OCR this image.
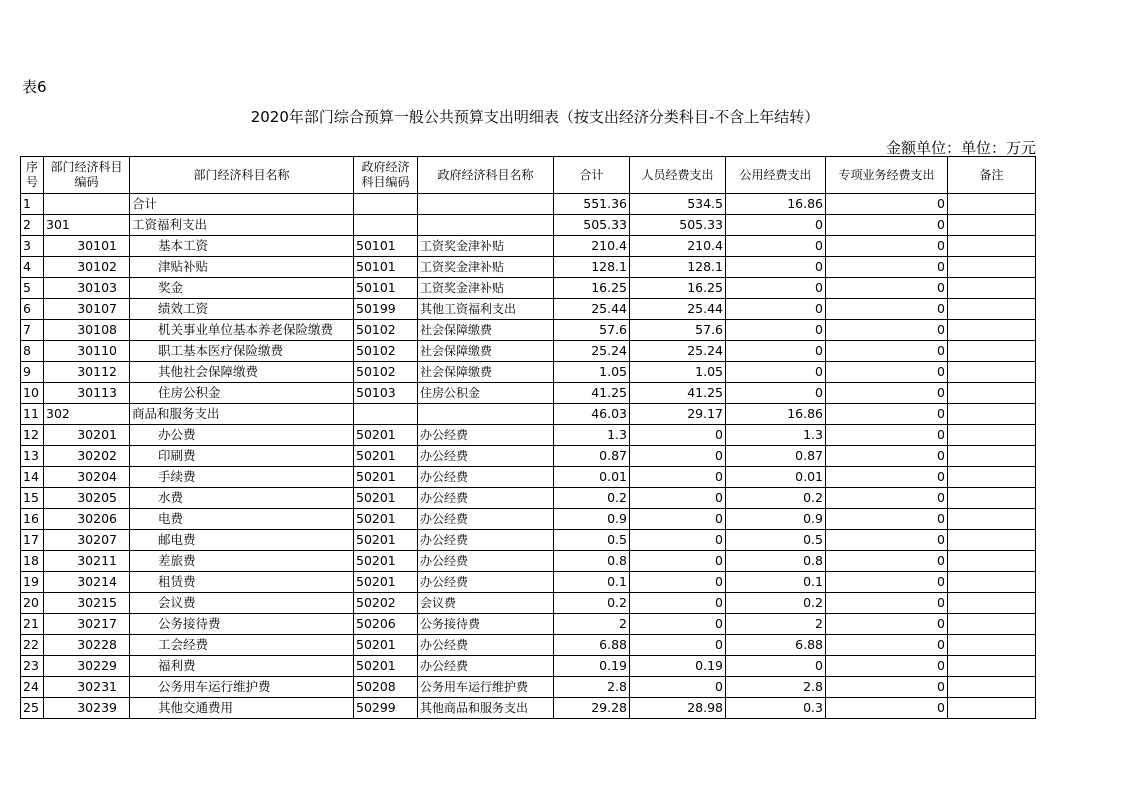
表6
2020年部门综合预算一般公共预算支出明细表（按支出经济分类科目-不含上年结转）
金额单位：单位：万元
序号	部门经济科目编码	部门经济科目名称	政府经济科目编码	政府经济科目名称	合计	人员经费支出	公用经费支出	专项业务经费支出	备注
1		合计			551.36	534.5	16.86	0	
2	301	工资福利支出			505.33	505.33	0	0	
3	30101	基本工资	50101	工资奖金津补贴	210.4	210.4	0	0	
4	30102	津贴补贴	50101	工资奖金津补贴	128.1	128.1	0	0	
5	30103	奖金	50101	工资奖金津补贴	16.25	16.25	0	0	
6	30107	绩效工资	50199	其他工资福利支出	25.44	25.44	0	0	
7	30108	机关事业单位基本养老保险缴费	50102	社会保障缴费	57.6	57.6	0	0	
8	30110	职工基本医疗保险缴费	50102	社会保障缴费	25.24	25.24	0	0	
9	30112	其他社会保障缴费	50102	社会保障缴费	1.05	1.05	0	0	
10	30113	住房公积金	50103	住房公积金	41.25	41.25	0	0	
11	302	商品和服务支出			46.03	29.17	16.86	0	
12	30201	办公费	50201	办公经费	1.3	0	1.3	0	
13	30202	印刷费	50201	办公经费	0.87	0	0.87	0	
14	30204	手续费	50201	办公经费	0.01	0	0.01	0	
15	30205	水费	50201	办公经费	0.2	0	0.2	0	
16	30206	电费	50201	办公经费	0.9	0	0.9	0	
17	30207	邮电费	50201	办公经费	0.5	0	0.5	0	
18	30211	差旅费	50201	办公经费	0.8	0	0.8	0	
19	30214	租赁费	50201	办公经费	0.1	0	0.1	0	
20	30215	会议费	50202	会议费	0.2	0	0.2	0	
21	30217	公务接待费	50206	公务接待费	2	0	2	0	
22	30228	工会经费	50201	办公经费	6.88	0	6.88	0	
23	30229	福利费	50201	办公经费	0.19	0.19	0	0	
24	30231	公务用车运行维护费	50208	公务用车运行维护费	2.8	0	2.8	0	
25	30239	其他交通费用	50299	其他商品和服务支出	29.28	28.98	0.3	0	
